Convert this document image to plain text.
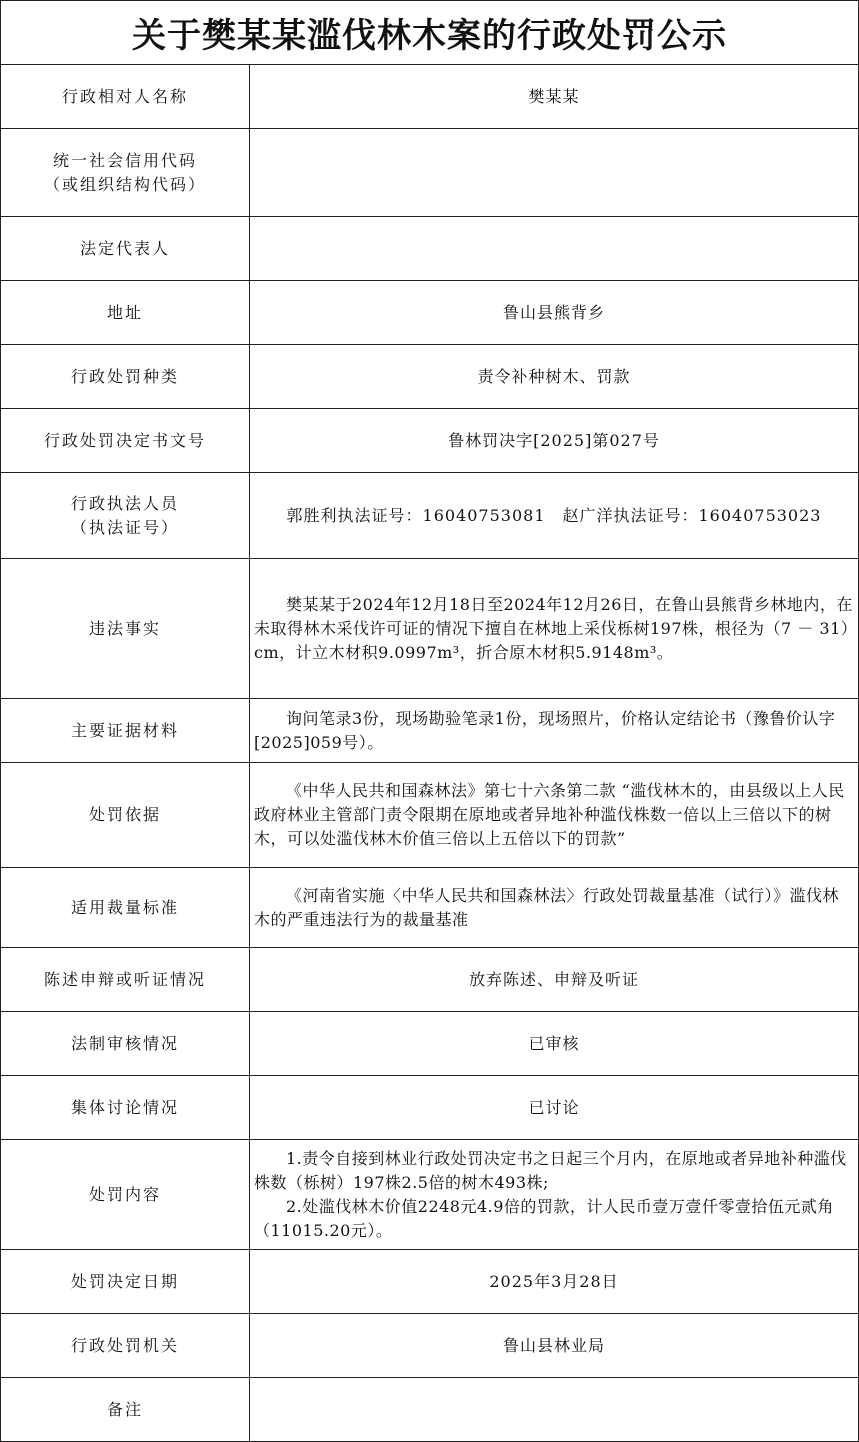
关于樊某某滥伐林木案的行政处罚公示
行政相对人名称	樊某某

统一社会信用代码
（或组织结构代码）	

法定代表人	
地址	鲁山县熊背乡
行政处罚种类	责令补种树木、罚款
行政处罚决定书文号	鲁林罚决字[2025]第027号

行政执法人员
（执法证号）	郭胜利执法证号：16040753081　赵广洋执法证号：16040753023
违法事实	樊某某于2024年12月18日至2024年12月26日，在鲁山县熊背乡林地内，在未取得林木采伐许可证的情况下擅自在林地上采伐栎树197株，根径为（7 － 31）cm，计立木材积9.0997m³，折合原木材积5.9148m³。

主要证据材料	询问笔录3份，现场勘验笔录1份，现场照片，价格认定结论书（豫鲁价认字[2025]059号）。

处罚依据	《中华人民共和国森林法》第七十六条第二款 “滥伐林木的，由县级以上人民政府林业主管部门责令限期在原地或者异地补种滥伐株数一倍以上三倍以下的树木，可以处滥伐林木价值三倍以上五倍以下的罚款”

适用裁量标准	《河南省实施〈中华人民共和国森林法〉行政处罚裁量基准（试行）》滥伐林木的严重违法行为的裁量基准

陈述申辩或听证情况	放弃陈述、申辩及听证
法制审核情况	已审核
集体讨论情况	已讨论
处罚内容	1.责令自接到林业行政处罚决定书之日起三个月内，在原地或者异地补种滥伐株数（栎树）197株2.5倍的树木493株;

2.处滥伐林木价值2248元4.9倍的罚款，计人民币壹万壹仟零壹拾伍元贰角（11015.20元）。

处罚决定日期	2025年3月28日
行政处罚机关	鲁山县林业局
备注	
